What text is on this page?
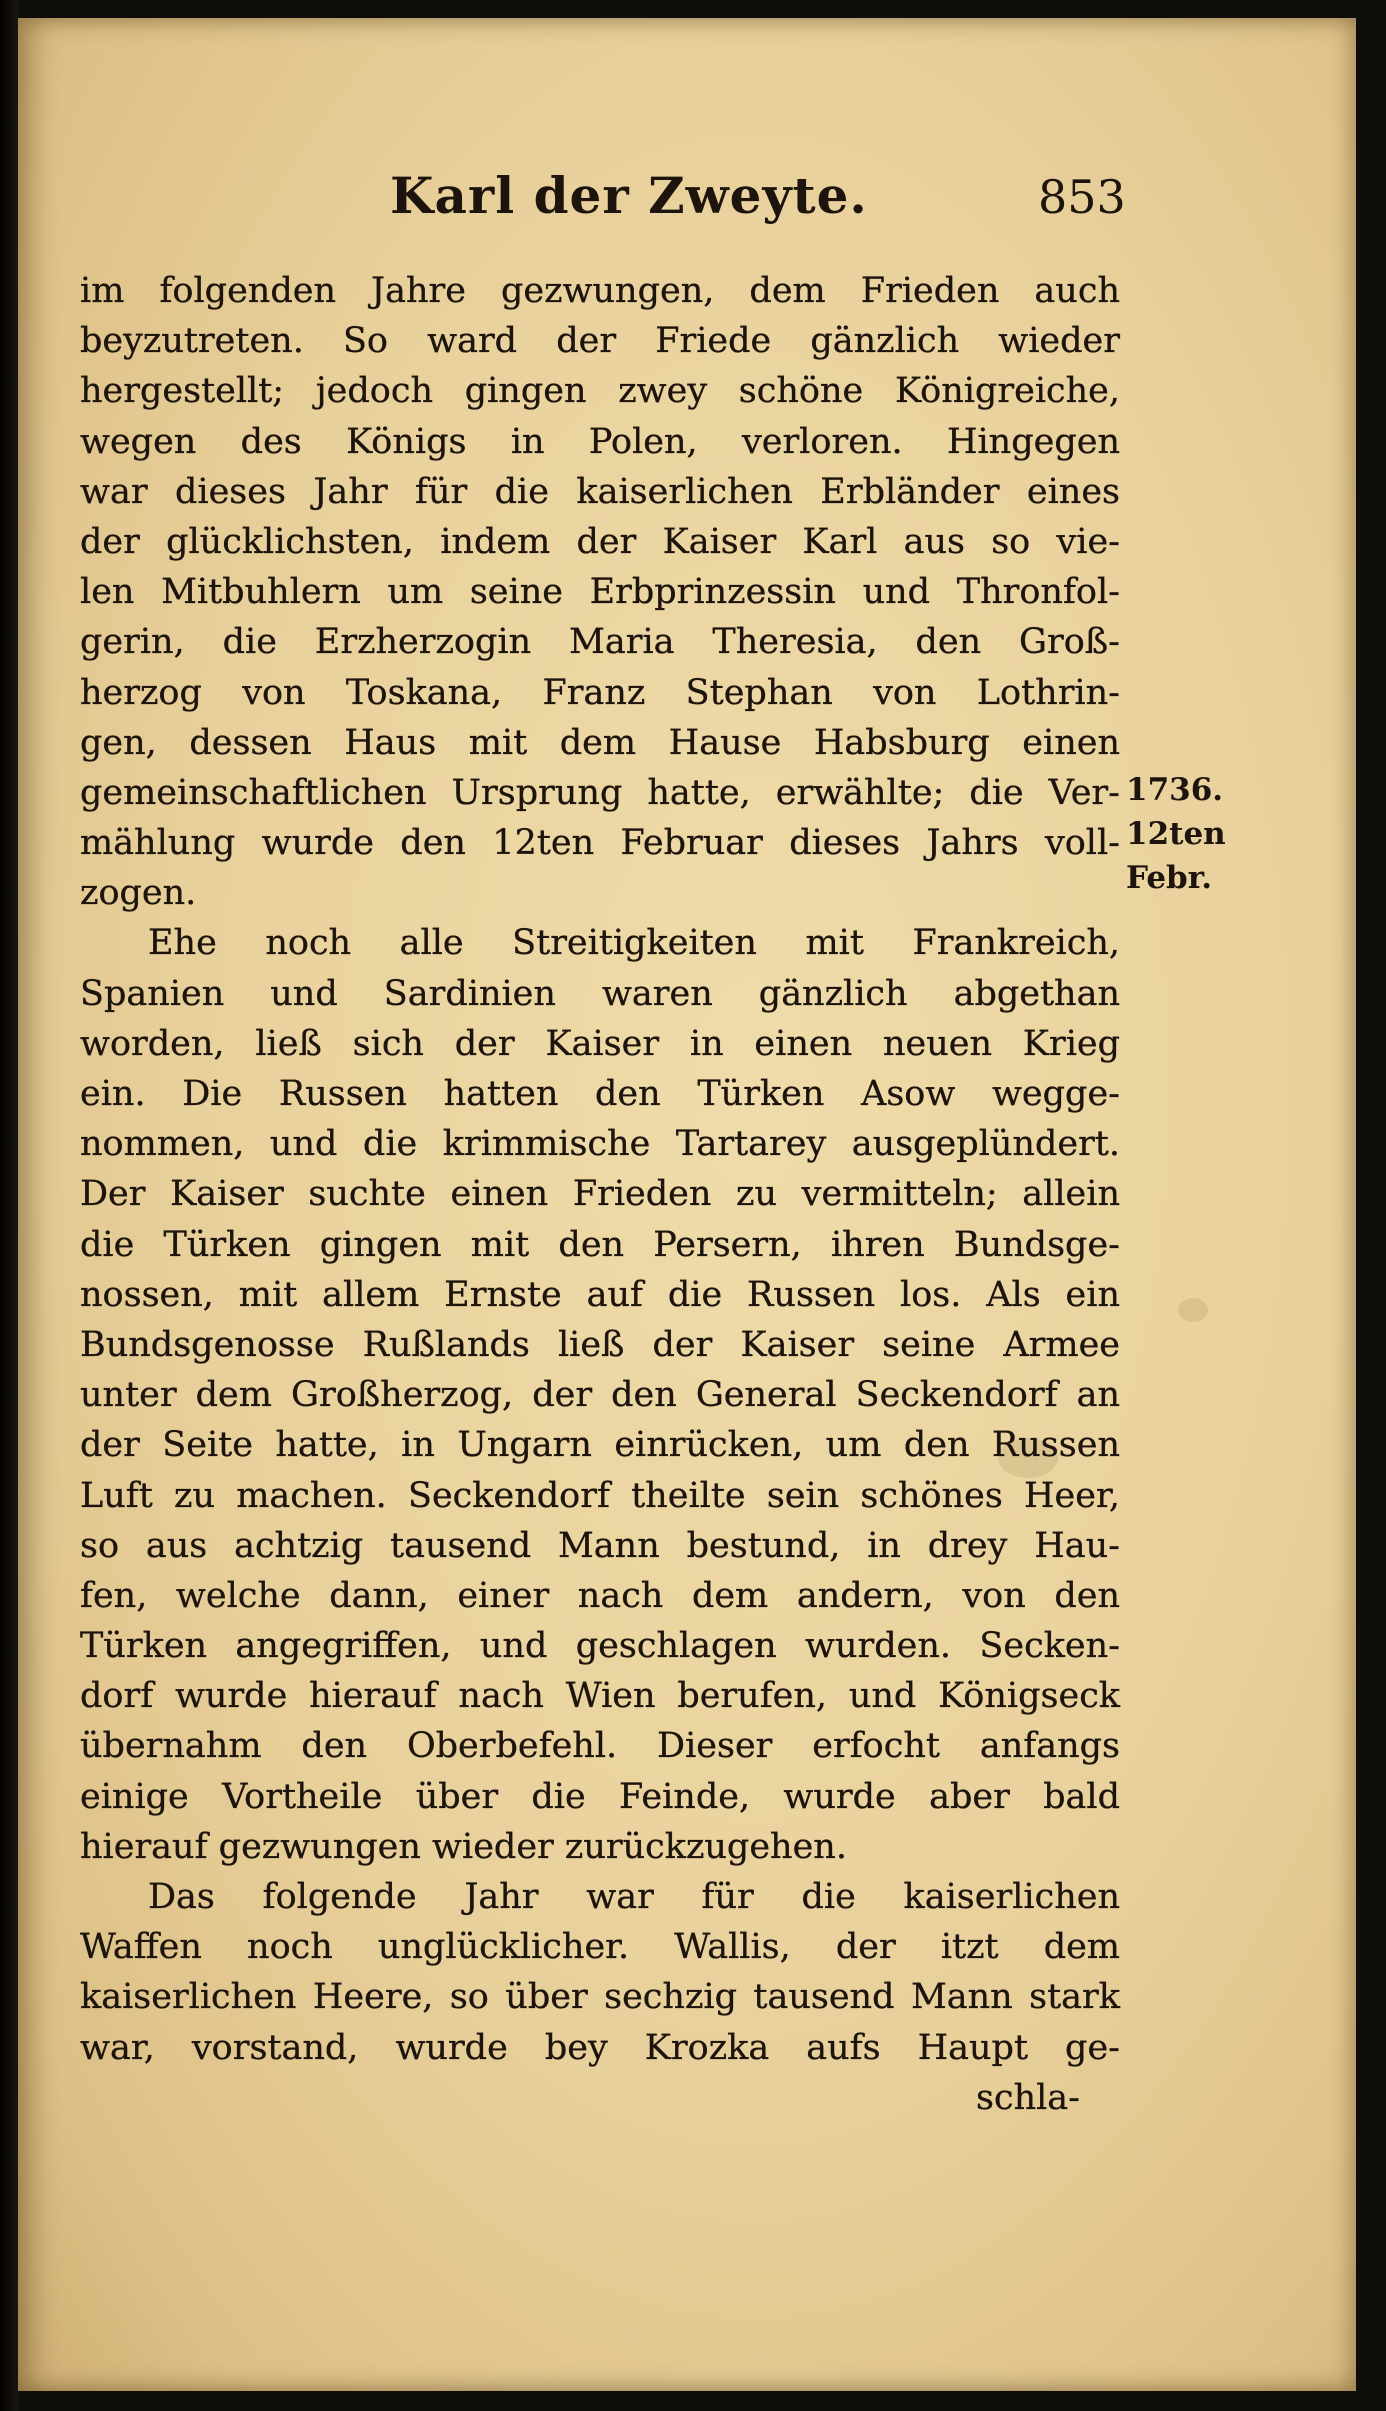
Karl der Zweyte.	853
im folgenden Jahre gezwungen, dem Frieden auch
beyzutreten. So ward der Friede gänzlich wieder
hergestellt; jedoch gingen zwey schöne Königreiche,
wegen des Königs in Polen, verloren. Hingegen
war dieses Jahr für die kaiserlichen Erbländer eines
der glücklichsten, indem der Kaiser Karl aus so vie-
len Mitbuhlern um seine Erbprinzessin und Thronfol-
gerin, die Erzherzogin Maria Theresia, den Groß-
herzog von Toskana, Franz Stephan von Lothrin-
gen, dessen Haus mit dem Hause Habsburg einen
gemeinschaftlichen Ursprung hatte, erwählte; die Ver-
mählung wurde den 12ten Februar dieses Jahrs voll-
zogen.
Ehe noch alle Streitigkeiten mit Frankreich,
Spanien und Sardinien waren gänzlich abgethan
worden, ließ sich der Kaiser in einen neuen Krieg
ein. Die Russen hatten den Türken Asow wegge-
nommen, und die krimmische Tartarey ausgeplündert.
Der Kaiser suchte einen Frieden zu vermitteln; allein
die Türken gingen mit den Persern, ihren Bundsge-
nossen, mit allem Ernste auf die Russen los. Als ein
Bundsgenosse Rußlands ließ der Kaiser seine Armee
unter dem Großherzog, der den General Seckendorf an
der Seite hatte, in Ungarn einrücken, um den Russen
Luft zu machen. Seckendorf theilte sein schönes Heer,
so aus achtzig tausend Mann bestund, in drey Hau-
fen, welche dann, einer nach dem andern, von den
Türken angegriffen, und geschlagen wurden. Secken-
dorf wurde hierauf nach Wien berufen, und Königseck
übernahm den Oberbefehl. Dieser erfocht anfangs
einige Vortheile über die Feinde, wurde aber bald
hierauf gezwungen wieder zurückzugehen.
Das folgende Jahr war für die kaiserlichen
Waffen noch unglücklicher. Wallis, der itzt dem
kaiserlichen Heere, so über sechzig tausend Mann stark
war, vorstand, wurde bey Krozka aufs Haupt ge-
schla-
1736.
12ten
Febr.
